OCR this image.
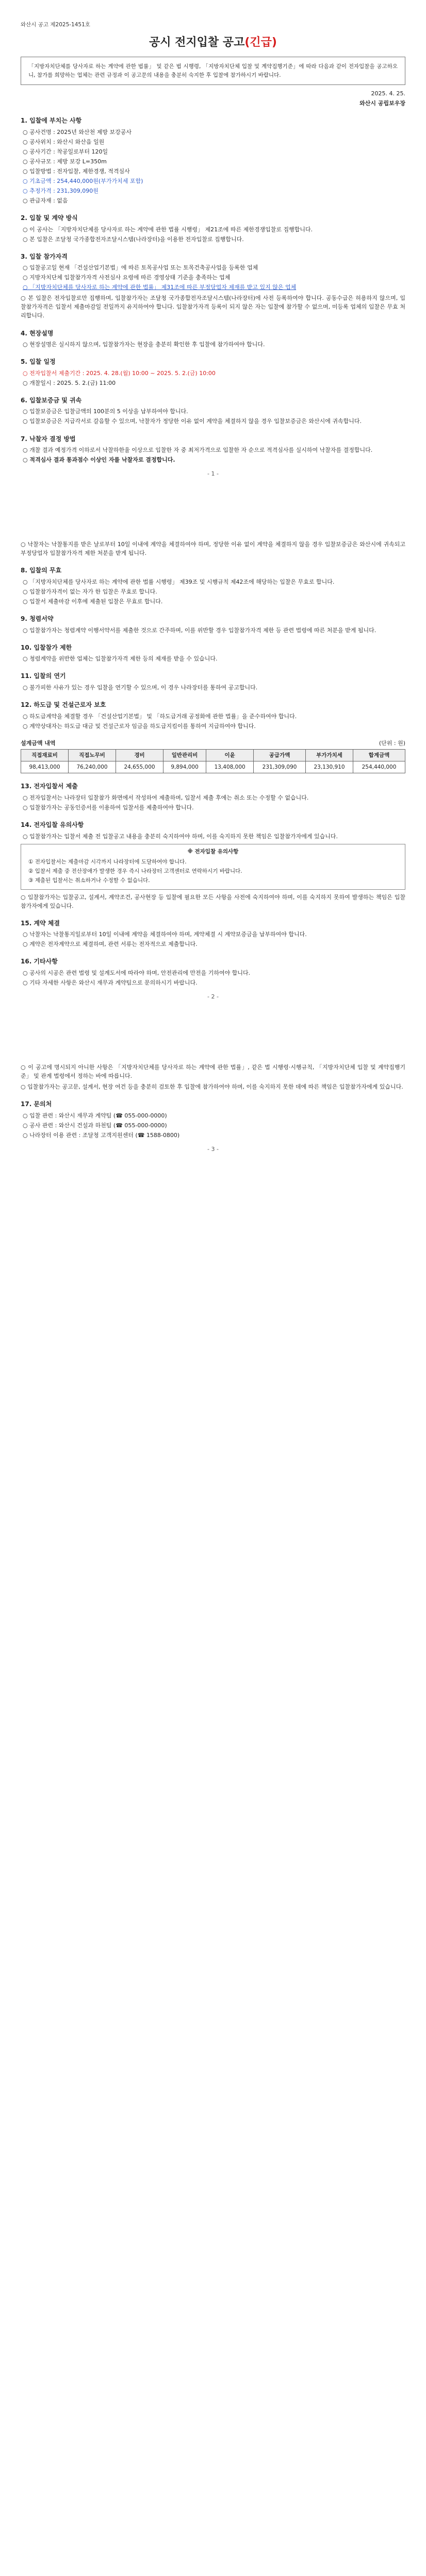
와산시 공고 제2025-1451호
공시 전지입찰 공고(긴급)
「지방자치단체를 당사자로 하는 계약에 관한 법률」 및 같은 법 시행령, 「지방자치단체 입찰 및 계약집행기준」에 따라 다음과 같이 전자입찰을 공고하오니, 참가를 희망하는 업체는 관련 규정과 이 공고문의 내용을 충분히 숙지한 후 입찰에 참가하시기 바랍니다.
2025. 4. 25.
와산시 공립보우장
1. 입찰에 부치는 사항
○ 공사건명 : 2025년 와산천 제방 보강공사
○ 공사위치 : 와산시 와산읍 일원
○ 공사기간 : 착공일로부터 120일
○ 공사규모 : 제방 보강 L=350m
○ 입찰방법 : 전자입찰, 제한경쟁, 적격심사
○ 기초금액 : 254,440,000원(부가가치세 포함)
○ 추정가격 : 231,309,090원
○ 관급자재 : 없음
2. 입찰 및 계약 방식
○ 이 공사는 「지방자치단체를 당사자로 하는 계약에 관한 법률 시행령」 제21조에 따른 제한경쟁입찰로 집행합니다.
○ 본 입찰은 조달청 국가종합전자조달시스템(나라장터)을 이용한 전자입찰로 집행합니다.
3. 입찰 참가자격
○ 입찰공고일 현재 「건설산업기본법」에 따른 토목공사업 또는 토목건축공사업을 등록한 업체
○ 지방자치단체 입찰참가자격 사전심사 요령에 따른 경영상태 기준을 충족하는 업체
○ 「지방자치단체를 당사자로 하는 계약에 관한 법률」 제31조에 따른 부정당업자 제재를 받고 있지 않은 업체
○ 본 입찰은 전자입찰로만 집행하며, 입찰참가자는 조달청 국가종합전자조달시스템(나라장터)에 사전 등록하여야 합니다. 공동수급은 허용하지 않으며, 입찰참가자격은 입찰서 제출마감일 전일까지 유지하여야 합니다. 입찰참가자격 등록이 되지 않은 자는 입찰에 참가할 수 없으며, 미등록 업체의 입찰은 무효 처리합니다.
4. 현장설명
○ 현장설명은 실시하지 않으며, 입찰참가자는 현장을 충분히 확인한 후 입찰에 참가하여야 합니다.
5. 입찰 일정
○ 전자입찰서 제출기간 : 2025. 4. 28.(월) 10:00 ~ 2025. 5. 2.(금) 10:00
○ 개찰일시 : 2025. 5. 2.(금) 11:00
6. 입찰보증금 및 귀속
○ 입찰보증금은 입찰금액의 100분의 5 이상을 납부하여야 합니다.
○ 입찰보증금은 지급각서로 갈음할 수 있으며, 낙찰자가 정당한 이유 없이 계약을 체결하지 않을 경우 입찰보증금은 와산시에 귀속합니다.
7. 낙찰자 결정 방법
○ 개찰 결과 예정가격 이하로서 낙찰하한율 이상으로 입찰한 자 중 최저가격으로 입찰한 자 순으로 적격심사를 실시하여 낙찰자를 결정합니다.
○ 적격심사 결과 통과점수 이상인 자를 낙찰자로 결정합니다.
- 1 -
○ 낙찰자는 낙찰통지를 받은 날로부터 10일 이내에 계약을 체결하여야 하며, 정당한 이유 없이 계약을 체결하지 않을 경우 입찰보증금은 와산시에 귀속되고 부정당업자 입찰참가자격 제한 처분을 받게 됩니다.
8. 입찰의 무효
○ 「지방자치단체를 당사자로 하는 계약에 관한 법률 시행령」 제39조 및 시행규칙 제42조에 해당하는 입찰은 무효로 합니다.
○ 입찰참가자격이 없는 자가 한 입찰은 무효로 합니다.
○ 입찰서 제출마감 이후에 제출된 입찰은 무효로 합니다.
9. 청렴서약
○ 입찰참가자는 청렴계약 이행서약서를 제출한 것으로 간주하며, 이를 위반할 경우 입찰참가자격 제한 등 관련 법령에 따른 처분을 받게 됩니다.
10. 입찰참가 제한
○ 청렴계약을 위반한 업체는 입찰참가자격 제한 등의 제재를 받을 수 있습니다.
11. 입찰의 연기
○ 불가피한 사유가 있는 경우 입찰을 연기할 수 있으며, 이 경우 나라장터를 통하여 공고합니다.
12. 하도급 및 건설근로자 보호
○ 하도급계약을 체결할 경우 「건설산업기본법」 및 「하도급거래 공정화에 관한 법률」을 준수하여야 합니다.
○ 계약상대자는 하도급 대금 및 건설근로자 임금을 하도급지킴이를 통하여 지급하여야 합니다.
설계금액 내역	(단위 : 원)
직접재료비	직접노무비	경비	일반관리비	이윤	공급가액	부가가치세	합계금액
98,413,000	76,240,000	24,655,000	9,894,000	13,408,000	231,309,090	23,130,910	254,440,000
13. 전자입찰서 제출
○ 전자입찰서는 나라장터 입찰참가 화면에서 작성하여 제출하며, 입찰서 제출 후에는 취소 또는 수정할 수 없습니다.
○ 입찰참가자는 공동인증서를 이용하여 입찰서를 제출하여야 합니다.
14. 전자입찰 유의사항
○ 입찰참가자는 입찰서 제출 전 입찰공고 내용을 충분히 숙지하여야 하며, 이를 숙지하지 못한 책임은 입찰참가자에게 있습니다.
※ 전자입찰 유의사항
① 전자입찰서는 제출마감 시각까지 나라장터에 도달하여야 합니다.
② 입찰서 제출 중 전산장애가 발생한 경우 즉시 나라장터 고객센터로 연락하시기 바랍니다.
③ 제출된 입찰서는 취소하거나 수정할 수 없습니다.
○ 입찰참가자는 입찰공고, 설계서, 계약조건, 공사현장 등 입찰에 필요한 모든 사항을 사전에 숙지하여야 하며, 이를 숙지하지 못하여 발생하는 책임은 입찰참가자에게 있습니다.
15. 계약 체결
○ 낙찰자는 낙찰통지일로부터 10일 이내에 계약을 체결하여야 하며, 계약체결 시 계약보증금을 납부하여야 합니다.
○ 계약은 전자계약으로 체결하며, 관련 서류는 전자적으로 제출합니다.
16. 기타사항
○ 공사의 시공은 관련 법령 및 설계도서에 따라야 하며, 안전관리에 만전을 기하여야 합니다.
○ 기타 자세한 사항은 와산시 재무과 계약팀으로 문의하시기 바랍니다.
- 2 -
○ 이 공고에 명시되지 아니한 사항은 「지방자치단체를 당사자로 하는 계약에 관한 법률」, 같은 법 시행령·시행규칙, 「지방자치단체 입찰 및 계약집행기준」 및 관계 법령에서 정하는 바에 따릅니다.
○ 입찰참가자는 공고문, 설계서, 현장 여건 등을 충분히 검토한 후 입찰에 참가하여야 하며, 이를 숙지하지 못한 데에 따른 책임은 입찰참가자에게 있습니다.
17. 문의처
○ 입찰 관련 : 와산시 재무과 계약팀 (☎ 055-000-0000)
○ 공사 관련 : 와산시 건설과 하천팀 (☎ 055-000-0000)
○ 나라장터 이용 관련 : 조달청 고객지원센터 (☎ 1588-0800)
- 3 -
